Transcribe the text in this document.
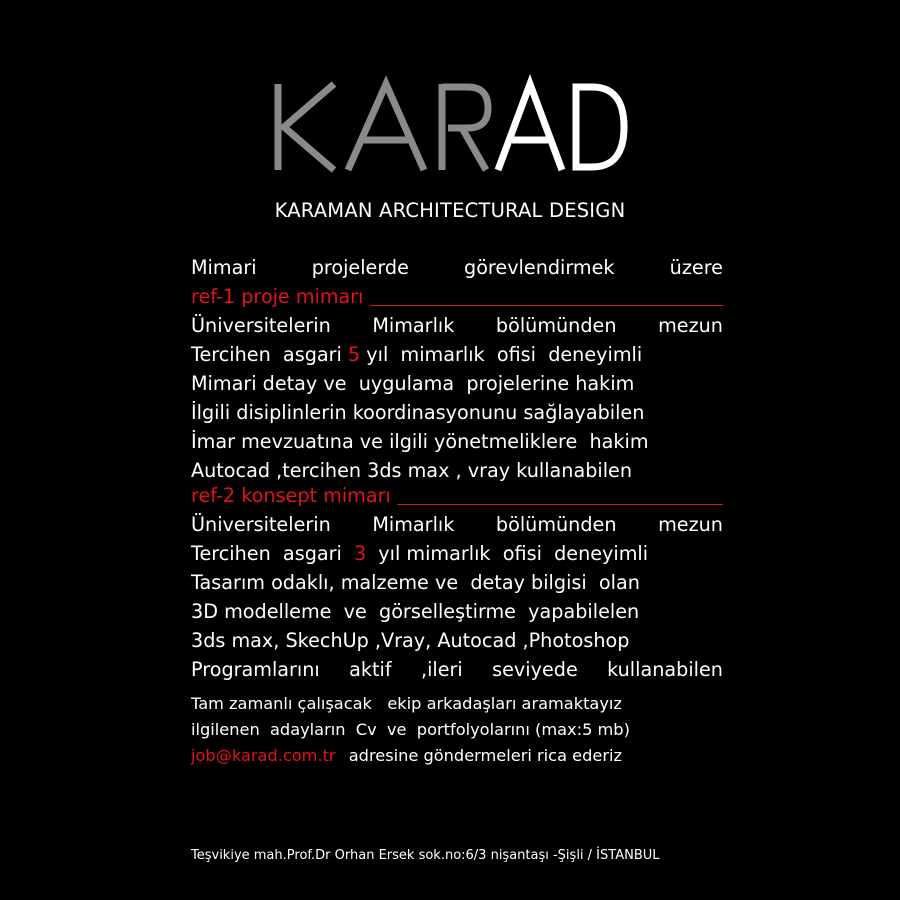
KARAMAN ARCHITECTURAL DESIGN
Mimari	projelerde	görevlendirmek	üzere
ref-1 proje mimarı
Üniversitelerin Mimarlık bölümünden mezun
Tercihen  asgari 5 yıl  mimarlık  ofisi  deneyimli
Mimari detay ve  uygulama  projelerine hakim
İlgili disiplinlerin koordinasyonunu sağlayabilen
İmar mevzuatına ve ilgili yönetmeliklere  hakim
Autocad ,tercihen 3ds max , vray kullanabilen
ref-2 konsept mimarı
Üniversitelerin Mimarlık bölümünden mezun
Tercihen  asgari 3 yıl mimarlık  ofisi  deneyimli
Tasarım odaklı, malzeme ve  detay bilgisi  olan
3D modelleme  ve  görselleştirme  yapabilelen
3ds max, SkechUp ,Vray, Autocad ,Photoshop
Programlarını aktif ,ileri seviyede kullanabilen
Tam zamanlı çalışacak   ekip arkadaşları aramaktayız
ilgilenen  adayların  Cv  ve  portfolyolarını (max:5 mb)
job@karad.com.tr adresine göndermeleri rica ederiz
Teşvikiye mah.Prof.Dr Orhan Ersek sok.no:6/3 nişantaşı -Şişli / İSTANBUL
